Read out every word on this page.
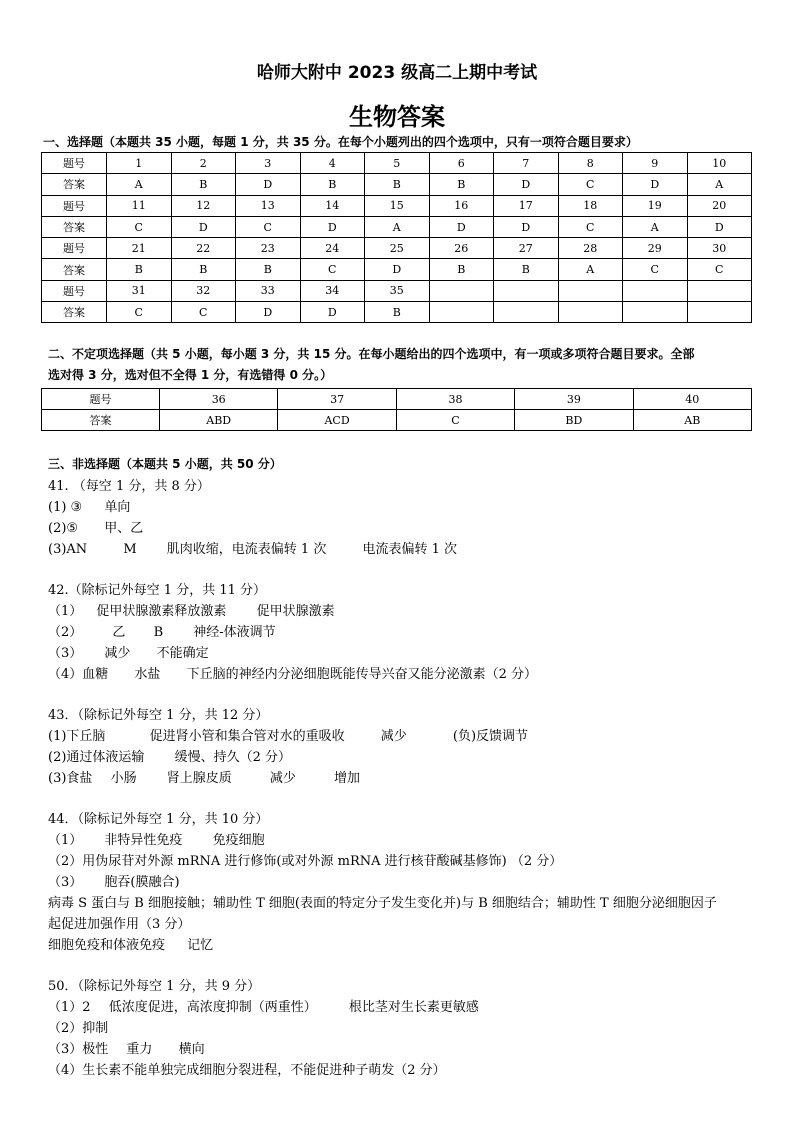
哈师大附中 2023 级高二上期中考试
生物答案
一、选择题（本题共 35 小题，每题 1 分，共 35 分。在每个小题列出的四个选项中，只有一项符合题目要求）
题号	1	2	3	4	5	6	7	8	9	10
答案	A	B	D	B	B	B	D	C	D	A
题号	11	12	13	14	15	16	17	18	19	20
答案	C	D	C	D	A	D	D	C	A	D
题号	21	22	23	24	25	26	27	28	29	30
答案	B	B	B	C	D	B	B	A	C	C
题号	31	32	33	34	35					
答案	C	C	D	D	B					
二、不定项选择题（共 5 小题，每小题 3 分，共 15 分。在每小题给出的四个选项中，有一项或多项符合题目要求。全部
选对得 3 分，选对但不全得 1 分，有选错得 0 分。）
题号	36	37	38	39	40
答案	ABD	ACD	C	BD	AB
三、非选择题（本题共 5 小题，共 50 分）
41. （每空 1 分，共 8 分）
(1) ③ 单向
(2)⑤ 甲、乙
(3)AN	M 肌肉收缩，电流表偏转 1 次	电流表偏转 1 次
42.（除标记外每空 1 分，共 11 分）
（1） 促甲状腺激素释放激素 促甲状腺激素
（2） 乙 B 神经-体液调节
（3） 减少 不能确定
（4）血糖 水盐 下丘脑的神经内分泌细胞既能传导兴奋又能分泌激素（2 分）
43．（除标记外每空 1 分，共 12 分）
(1)下丘脑	促进肾小管和集合管对水的重吸收	减少	(负)反馈调节
(2)通过体液运输 缓慢、持久（2 分）
(3)食盐 小肠 肾上腺皮质	减少	增加
44．（除标记外每空 1 分，共 10 分）
（1） 非特异性免疫 免疫细胞
（2）用伪尿苷对外源 mRNA 进行修饰(或对外源 mRNA 进行核苷酸碱基修饰) （2 分）
（3） 胞吞(膜融合)
病毒 S 蛋白与 B 细胞接触；辅助性 T 细胞(表面的特定分子发生变化并)与 B 细胞结合；辅助性 T 细胞分泌细胞因子
起促进加强作用（3 分）
细胞免疫和体液免疫 记忆
50．（除标记外每空 1 分，共 9 分）
（1）2 低浓度促进，高浓度抑制（两重性） 根比茎对生长素更敏感
（2）抑制
（3）极性 重力 横向
（4）生长素不能单独完成细胞分裂进程，不能促进种子萌发（2 分）
